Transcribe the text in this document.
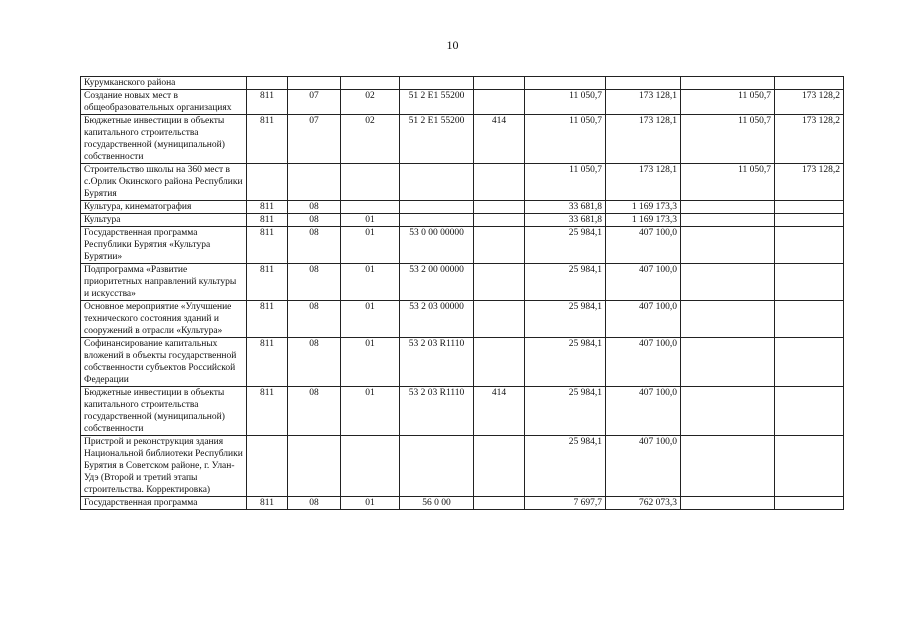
10
Курумканского района									
Создание новых мест в общеобразовательных организациях	811	07	02	51 2 E1 55200		11 050,7	173 128,1	11 050,7	173 128,2
Бюджетные инвестиции в объекты капитального строительства государственной (муниципальной) собственности	811	07	02	51 2 E1 55200	414	11 050,7	173 128,1	11 050,7	173 128,2
Строительство школы на 360 мест в с.Орлик Окинского района Республики Бурятия						11 050,7	173 128,1	11 050,7	173 128,2
Культура, кинематография	811	08				33 681,8	1 169 173,3		
Культура	811	08	01			33 681,8	1 169 173,3		
Государственная программа Республики Бурятия «Культура Бурятии»	811	08	01	53 0 00 00000		25 984,1	407 100,0		
Подпрограмма «Развитие приоритетных направлений культуры и искусства»	811	08	01	53 2 00 00000		25 984,1	407 100,0		
Основное мероприятие «Улучшение технического состояния зданий и сооружений в отрасли «Культура»	811	08	01	53 2 03 00000		25 984,1	407 100,0		
Софинансирование капитальных вложений в объекты государственной собственности субъектов Российской Федерации	811	08	01	53 2 03 R1110		25 984,1	407 100,0		
Бюджетные инвестиции в объекты капитального строительства государственной (муниципальной) собственности	811	08	01	53 2 03 R1110	414	25 984,1	407 100,0		
Пристрой и реконструкция здания Национальной библиотеки Республики Бурятия в Советском районе, г. Улан-Удэ (Второй и третий этапы строительства. Корректировка)						25 984,1	407 100,0		
Государственная программа	811	08	01	56 0 00		7 697,7	762 073,3		
